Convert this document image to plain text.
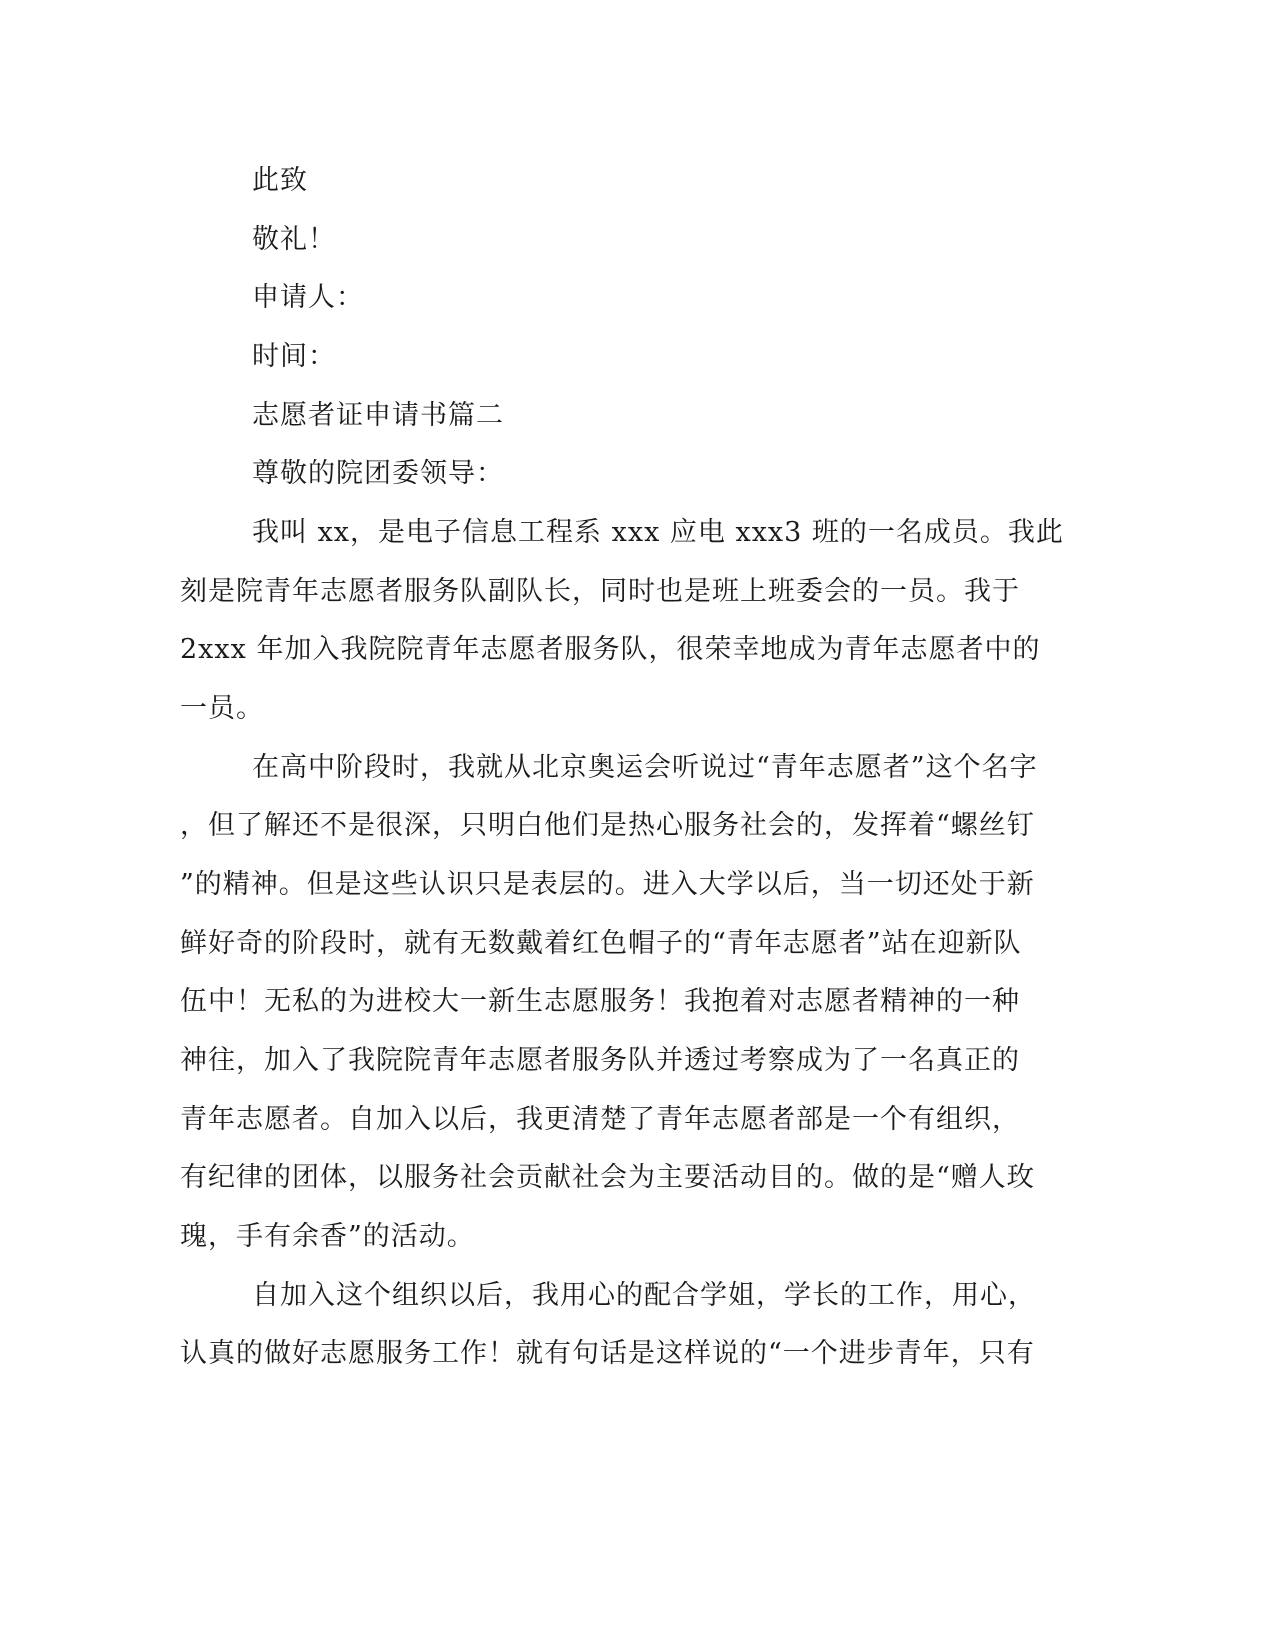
此致
敬礼！
申请人：
时间：
志愿者证申请书篇二
尊敬的院团委领导：
我叫 xx，是电子信息工程系 xxx 应电 xxx3 班的一名成员。我此
刻是院青年志愿者服务队副队长，同时也是班上班委会的一员。我于
2xxx 年加入我院院青年志愿者服务队，很荣幸地成为青年志愿者中的
一员。
在高中阶段时，我就从北京奥运会听说过“青年志愿者”这个名字
，但了解还不是很深，只明白他们是热心服务社会的，发挥着“螺丝钉
”的精神。但是这些认识只是表层的。进入大学以后，当一切还处于新
鲜好奇的阶段时，就有无数戴着红色帽子的“青年志愿者”站在迎新队
伍中！无私的为进校大一新生志愿服务！我抱着对志愿者精神的一种
神往，加入了我院院青年志愿者服务队并透过考察成为了一名真正的
青年志愿者。自加入以后，我更清楚了青年志愿者部是一个有组织，
有纪律的团体，以服务社会贡献社会为主要活动目的。做的是“赠人玫
瑰，手有余香”的活动。
自加入这个组织以后，我用心的配合学姐，学长的工作，用心，
认真的做好志愿服务工作！就有句话是这样说的“一个进步青年，只有
